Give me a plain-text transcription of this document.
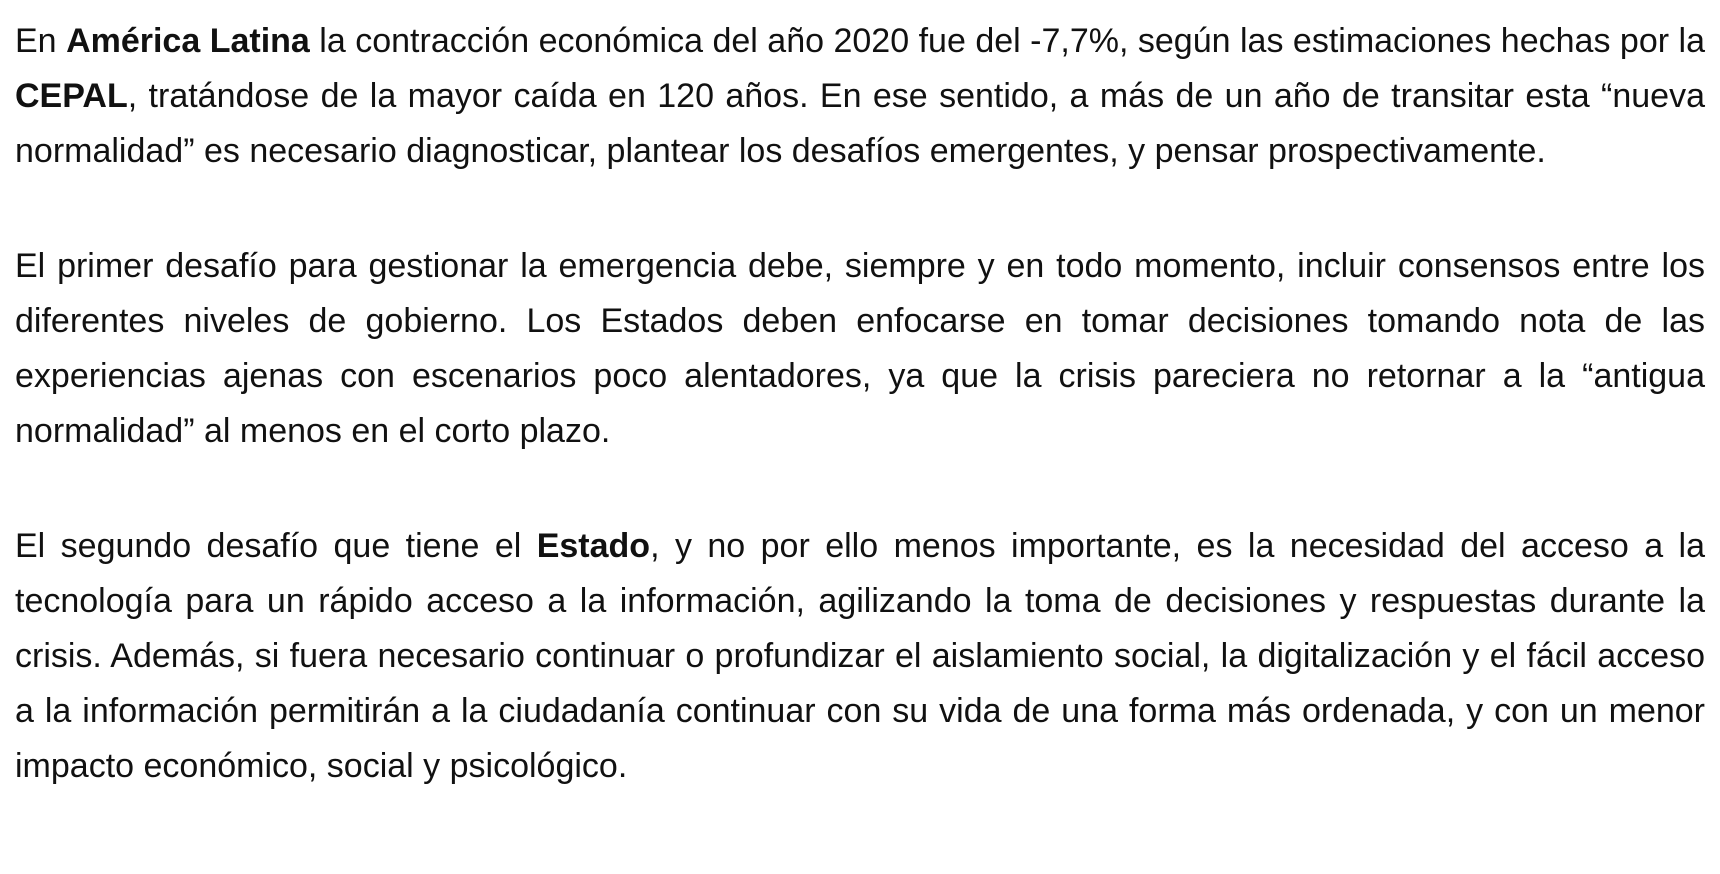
En América Latina la contracción económica del año 2020 fue del -7,7%, según las estimaciones hechas por la CEPAL, tratándose de la mayor caída en 120 años. En ese sentido, a más de un año de transitar esta “nueva normalidad” es necesario diagnosticar, plantear los desafíos emergentes, y pensar prospectivamente.

El primer desafío para gestionar la emergencia debe, siempre y en todo momento, incluir consensos entre los diferentes niveles de gobierno. Los Estados deben enfocarse en tomar decisiones tomando nota de las experiencias ajenas con escenarios poco alentadores, ya que la crisis pareciera no retornar a la “antigua normalidad” al menos en el corto plazo.

El segundo desafío que tiene el Estado, y no por ello menos importante, es la necesidad del acceso a la tecnología para un rápido acceso a la información, agilizando la toma de decisiones y respuestas durante la crisis. Además, si fuera necesario continuar o profundizar el aislamiento social, la digitalización y el fácil acceso a la información permitirán a la ciudadanía continuar con su vida de una forma más ordenada, y con un menor impacto económico, social y psicológico.
